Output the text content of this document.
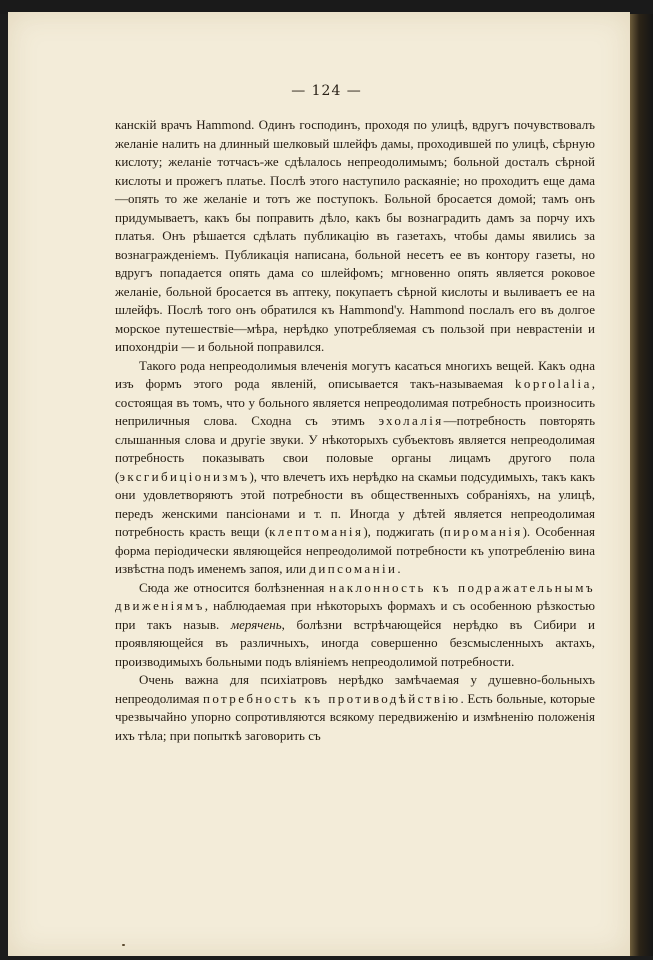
— 124 —

канскій врачъ Hammond. Одинъ господинъ, проходя по улицѣ, вдругъ почувствовалъ желаніе налить на длинный шелковый шлейфъ дамы, проходившей по улицѣ, сѣрную кислоту; желаніе тотчасъ-же сдѣлалось непреодолимымъ; больной досталъ сѣрной кислоты и прожегъ платье. Послѣ этого наступило раскаяніе; но проходитъ еще дама—опять то же желаніе и тотъ же поступокъ. Больной бросается домой; тамъ онъ придумываетъ, какъ бы поправить дѣло, какъ бы вознаградить дамъ за порчу ихъ платья. Онъ рѣшается сдѣлать публикацію въ газетахъ, чтобы дамы явились за вознагражденіемъ. Публикація написана, больной несетъ ее въ контору газеты, но вдругъ попадается опять дама со шлейфомъ; мгновенно опять является роковое желаніе, больной бросается въ аптеку, покупаетъ сѣрной кислоты и выливаетъ ее на шлейфъ. Послѣ того онъ обратился къ Hammond'у. Hammond послалъ его въ долгое морское путешествіе—мѣра, нерѣдко употребляемая съ пользой при неврастеніи и ипохондріи — и больной поправился.

Такого рода непреодолимыя влеченія могутъ касаться многихъ вещей. Какъ одна изъ формъ этого рода явленій, описывается такъ-называемая koprolalia, состоящая въ томъ, что у больного является непреодолимая потребность произносить неприличныя слова. Сходна съ этимъ эхолалія—потребность повторять слышанныя слова и другіе звуки. У нѣкоторыхъ субъектовъ является непреодолимая потребность показывать свои половые органы лицамъ другого пола (эксгибиціонизмъ), что влечетъ ихъ нерѣдко на скамьи подсудимыхъ, такъ какъ они удовлетворяютъ этой потребности въ общественныхъ собраніяхъ, на улицѣ, передъ женскими пансіонами и т. п. Иногда у дѣтей является непреодолимая потребность красть вещи (клептоманія), поджигать (пироманія). Особенная форма періодически являющейся непреодолимой потребности къ употребленію вина извѣстна подъ именемъ запоя, или дипсоманіи.

Сюда же относится болѣзненная наклонность къ подражательнымъ движеніямъ, наблюдаемая при нѣкоторыхъ формахъ и съ особенною рѣзкостью при такъ назыв. мерячень, болѣзни встрѣчающейся нерѣдко въ Сибири и проявляющейся въ различныхъ, иногда совершенно безсмысленныхъ актахъ, производимыхъ больными подъ вліяніемъ непреодолимой потребности.

Очень важна для психіатровъ нерѣдко замѣчаемая у душевно-больныхъ непреодолимая потребность къ противодѣйствію. Есть больные, которые чрезвычайно упорно сопротивляются всякому передвиженію и измѣненію положенія ихъ тѣла; при попыткѣ заговорить съ
